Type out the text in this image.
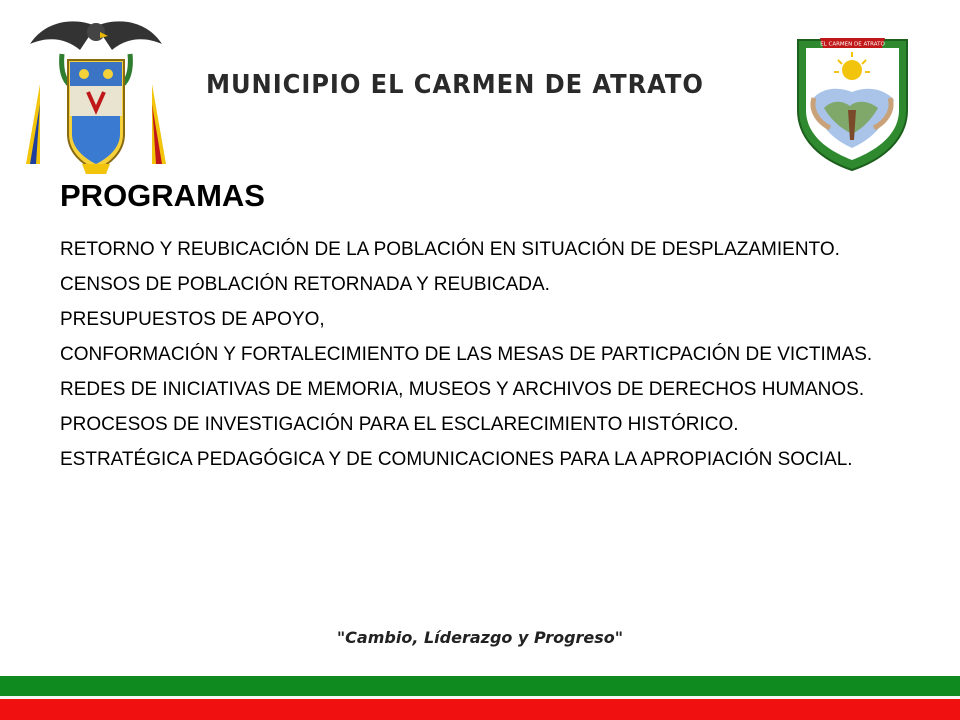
MUNICIPIO EL CARMEN DE ATRATO
EL CARMEN DE ATRATO
PROGRAMAS
RETORNO Y REUBICACIÓN DE LA POBLACIÓN EN SITUACIÓN DE DESPLAZAMIENTO.
CENSOS DE POBLACIÓN RETORNADA Y REUBICADA.
PRESUPUESTOS DE APOYO,
CONFORMACIÓN Y FORTALECIMIENTO DE LAS MESAS DE PARTICPACIÓN DE VICTIMAS.
REDES DE INICIATIVAS DE MEMORIA, MUSEOS Y ARCHIVOS DE DERECHOS HUMANOS.
PROCESOS DE INVESTIGACIÓN PARA EL ESCLARECIMIENTO HISTÓRICO.
ESTRATÉGICA PEDAGÓGICA Y DE COMUNICACIONES PARA LA APROPIACIÓN SOCIAL.
"Cambio, Líderazgo y Progreso"
